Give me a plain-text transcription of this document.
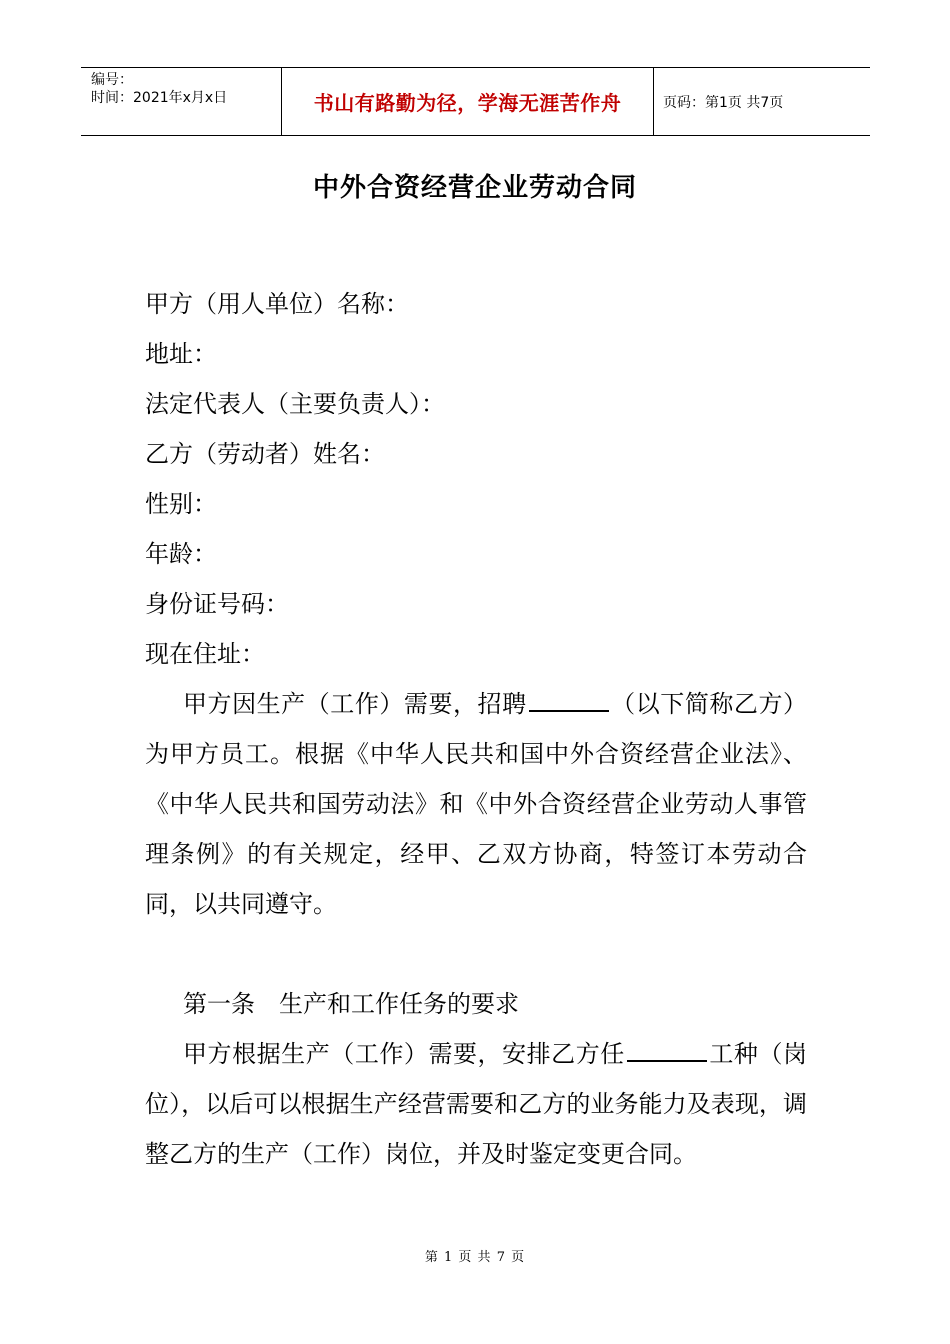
编号：
时间：2021年x月x日	书山有路勤为径，学海无涯苦作舟	页码：第1页 共7页
中外合资经营企业劳动合同

甲方（用人单位）名称：

地址：

法定代表人（主要负责人）：

乙方（劳动者）姓名：

性别：

年龄：

身份证号码：

现在住址：

甲方因生产（工作）需要，招聘	（以下简称乙方）为甲方员工。根据《中华人民共和国中外合资经营企业法》、《中华人民共和国劳动法》和《中外合资经营企业劳动人事管理条例》的有关规定，经甲、乙双方协商，特签订本劳动合同，以共同遵守。

第一条　生产和工作任务的要求

甲方根据生产（工作）需要，安排乙方任	工种（岗位），以后可以根据生产经营需要和乙方的业务能力及表现，调整乙方的生产（工作）岗位，并及时鉴定变更合同。

第 1 页 共 7 页
